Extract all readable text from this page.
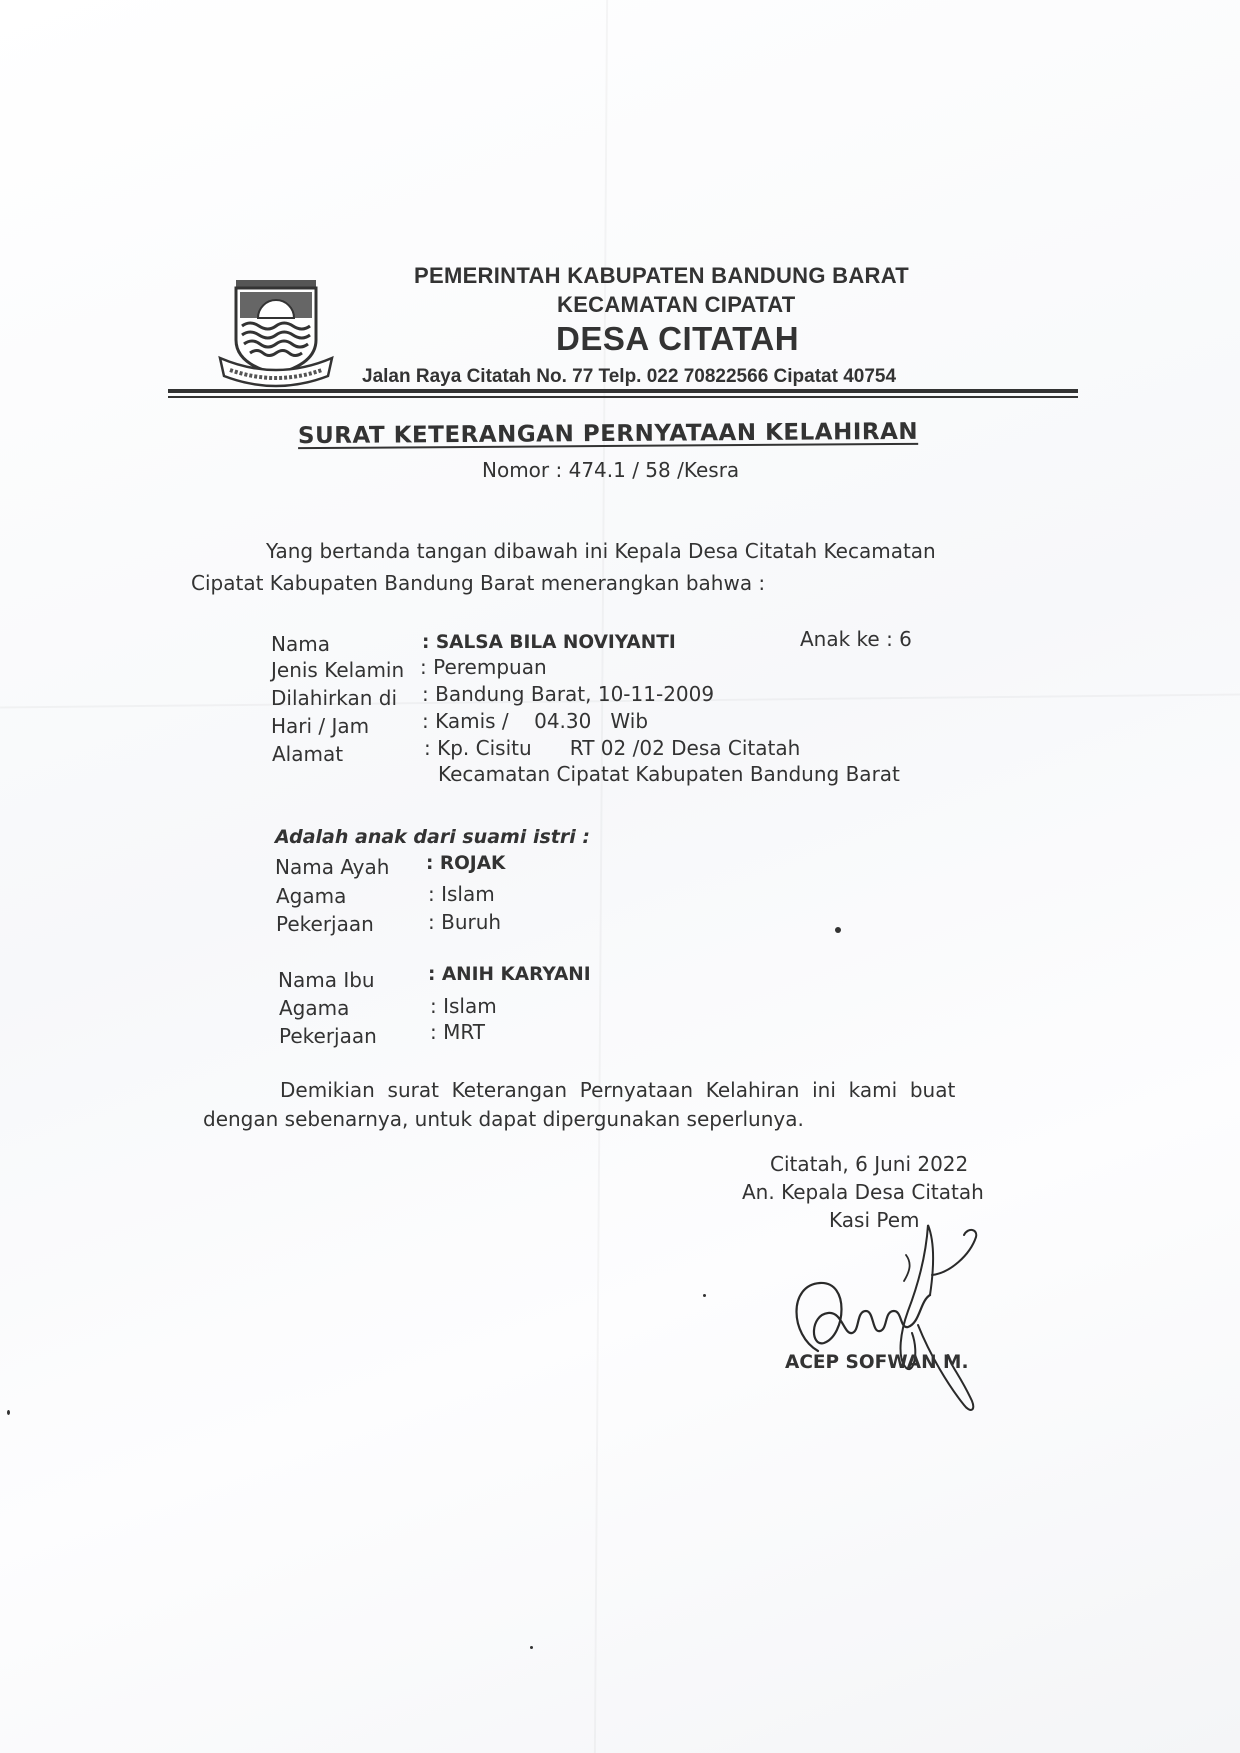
PEMERINTAH KABUPATEN BANDUNG BARAT
KECAMATAN CIPATAT
DESA CITATAH
Jalan Raya Citatah No. 77 Telp. 022 70822566 Cipatat 40754
SURAT KETERANGAN PERNYATAAN KELAHIRAN
Nomor : 474.1 / 58 /Kesra
Yang bertanda tangan dibawah ini Kepala Desa Citatah Kecamatan
Cipatat Kabupaten Bandung Barat menerangkan bahwa :
Nama	: SALSA BILA NOVIYANTI	Anak ke : 6
Jenis Kelamin : Perempuan
Dilahirkan di : Bandung Barat, 10-11-2009
Hari / Jam	: Kamis /    04.30   Wib
Alamat	: Kp. Cisitu      RT 02 /02 Desa Citatah
Kecamatan Cipatat Kabupaten Bandung Barat
Adalah anak dari suami istri :
Nama Ayah : ROJAK
Agama	: Islam
Pekerjaan	: Buruh
Nama Ibu	: ANIH KARYANI
Agama	: Islam
Pekerjaan	: MRT
Demikian  surat  Keterangan  Pernyataan  Kelahiran  ini  kami  buat
dengan sebenarnya, untuk dapat dipergunakan seperlunya.
Citatah, 6 Juni 2022
An. Kepala Desa Citatah
Kasi Pem
ACEP SOFWAN M.
